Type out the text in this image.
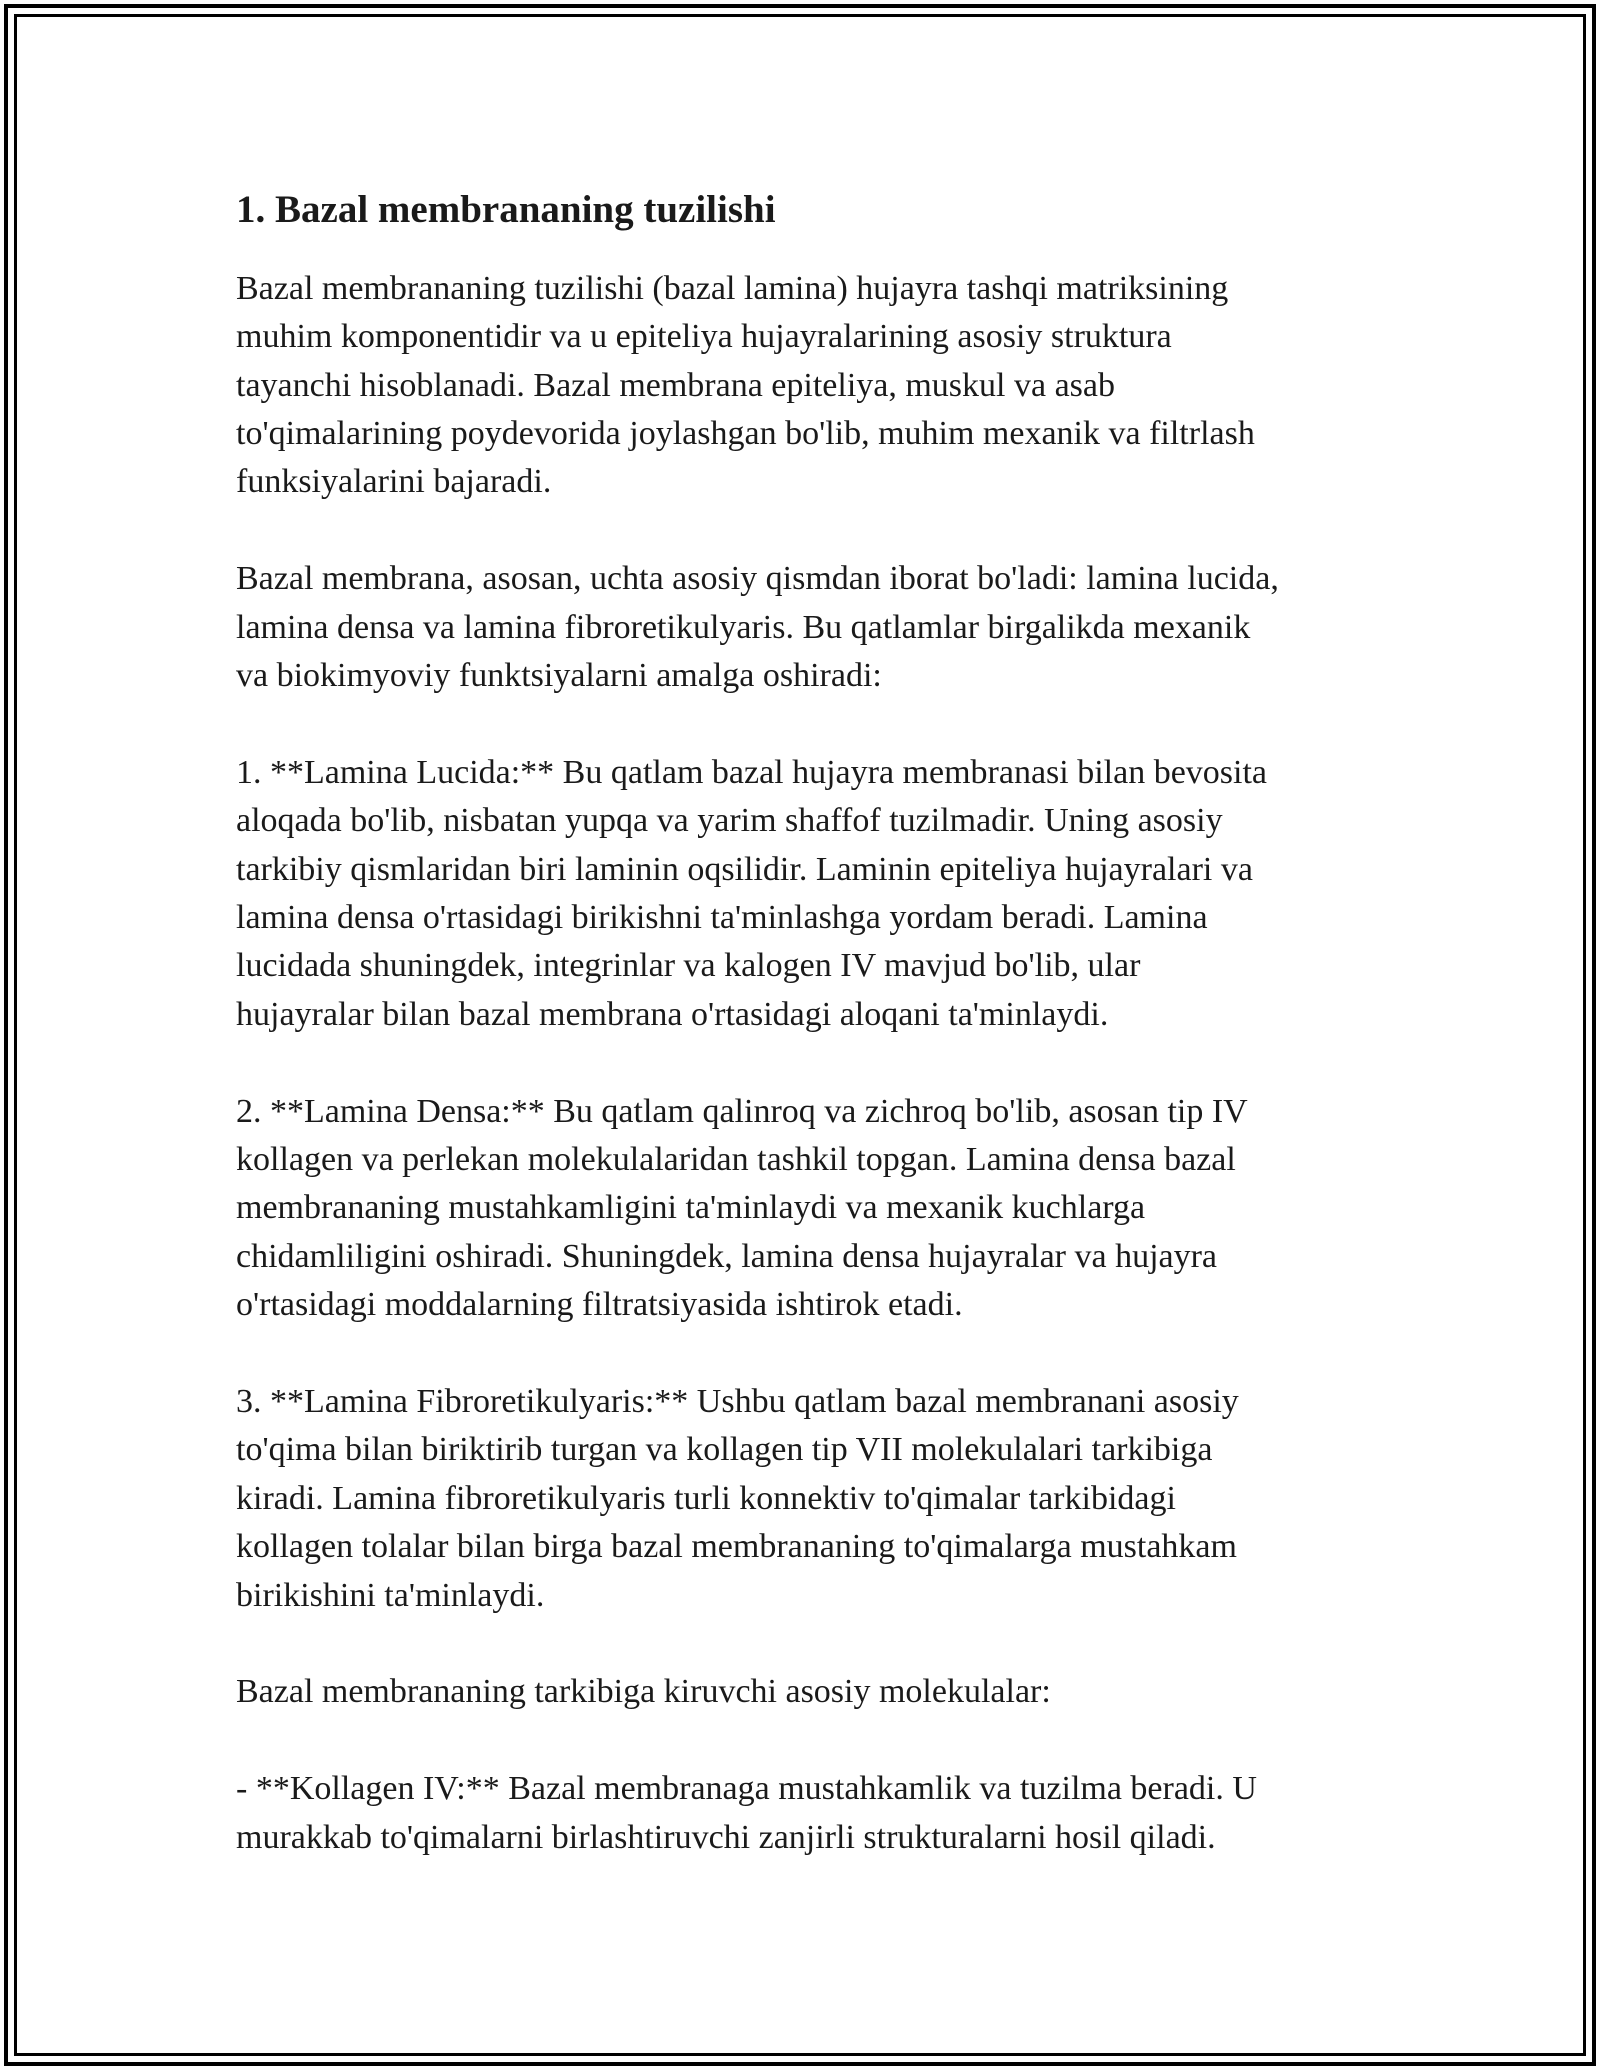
1. Bazal membrananing tuzilishi
Bazal membrananing tuzilishi (bazal lamina) hujayra tashqi matriksining
muhim komponentidir va u epiteliya hujayralarining asosiy struktura
tayanchi hisoblanadi. Bazal membrana epiteliya, muskul va asab
to'qimalarining poydevorida joylashgan bo'lib, muhim mexanik va filtrlash
funksiyalarini bajaradi.
Bazal membrana, asosan, uchta asosiy qismdan iborat bo'ladi: lamina lucida,
lamina densa va lamina fibroretikulyaris. Bu qatlamlar birgalikda mexanik
va biokimyoviy funktsiyalarni amalga oshiradi:
1. **Lamina Lucida:** Bu qatlam bazal hujayra membranasi bilan bevosita
aloqada bo'lib, nisbatan yupqa va yarim shaffof tuzilmadir. Uning asosiy
tarkibiy qismlaridan biri laminin oqsilidir. Laminin epiteliya hujayralari va
lamina densa o'rtasidagi birikishni ta'minlashga yordam beradi. Lamina
lucidada shuningdek, integrinlar va kalogen IV mavjud bo'lib, ular
hujayralar bilan bazal membrana o'rtasidagi aloqani ta'minlaydi.
2. **Lamina Densa:** Bu qatlam qalinroq va zichroq bo'lib, asosan tip IV
kollagen va perlekan molekulalaridan tashkil topgan. Lamina densa bazal
membrananing mustahkamligini ta'minlaydi va mexanik kuchlarga
chidamliligini oshiradi. Shuningdek, lamina densa hujayralar va hujayra
o'rtasidagi moddalarning filtratsiyasida ishtirok etadi.
3. **Lamina Fibroretikulyaris:** Ushbu qatlam bazal membranani asosiy
to'qima bilan biriktirib turgan va kollagen tip VII molekulalari tarkibiga
kiradi. Lamina fibroretikulyaris turli konnektiv to'qimalar tarkibidagi
kollagen tolalar bilan birga bazal membrananing to'qimalarga mustahkam
birikishini ta'minlaydi.
Bazal membrananing tarkibiga kiruvchi asosiy molekulalar:
- **Kollagen IV:** Bazal membranaga mustahkamlik va tuzilma beradi. U
murakkab to'qimalarni birlashtiruvchi zanjirli strukturalarni hosil qiladi.
